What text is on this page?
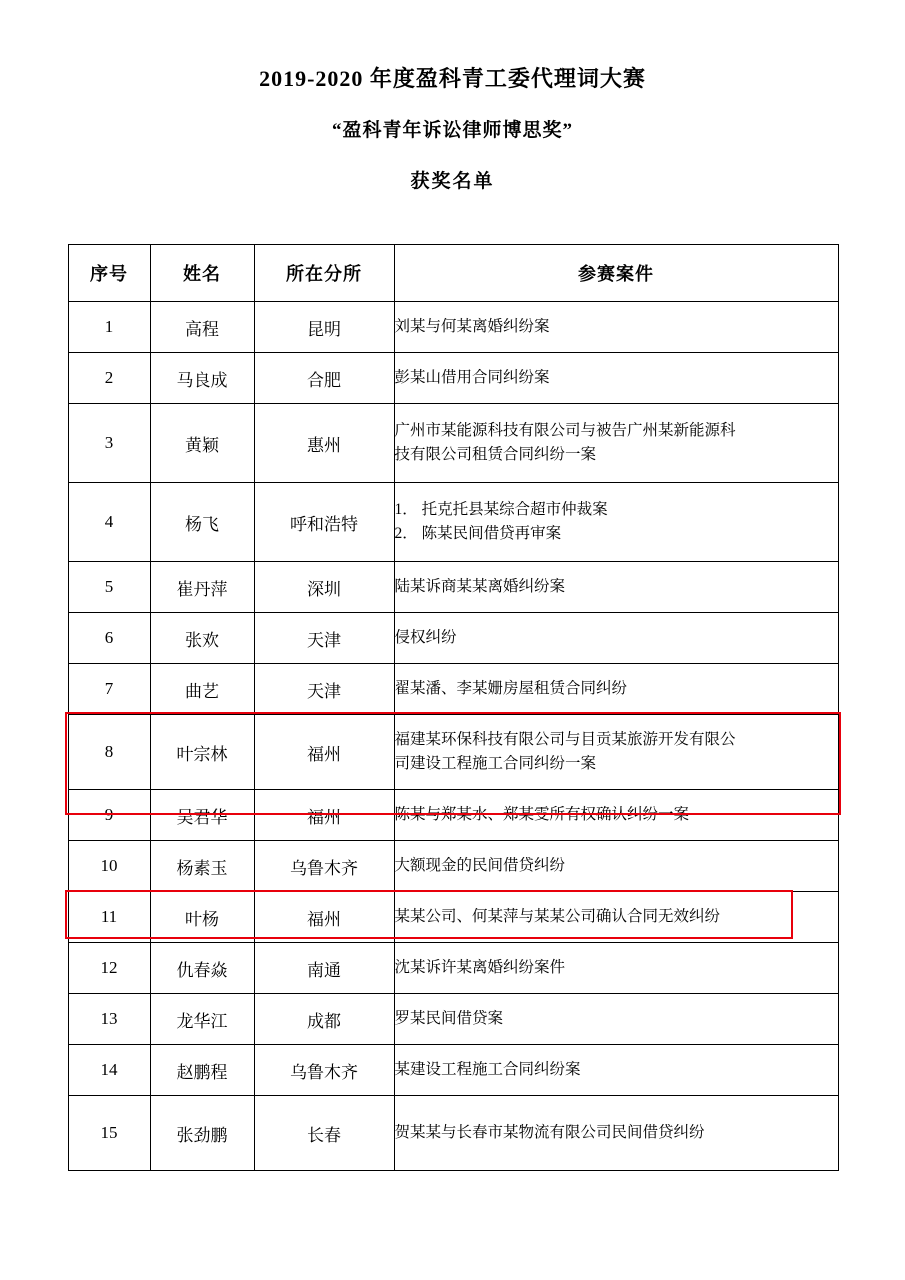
2019-2020 年度盈科青工委代理词大赛
“盈科青年诉讼律师博思奖”
获奖名单
序号	姓名	所在分所	参赛案件
1	高程	昆明	刘某与何某离婚纠纷案

2	马良成	合肥	彭某山借用合同纠纷案

3	黄颖	惠州	广州市某能源科技有限公司与被告广州某新能源科
技有限公司租赁合同纠纷一案

4	杨飞	呼和浩特	1． 托克托县某综合超市仲裁案
2． 陈某民间借贷再审案

5	崔丹萍	深圳	陆某诉商某某离婚纠纷案

6	张欢	天津	侵权纠纷

7	曲艺	天津	翟某潘、李某姗房屋租赁合同纠纷

8	叶宗林	福州	福建某环保科技有限公司与目贡某旅游开发有限公
司建设工程施工合同纠纷一案

9	吴君华	福州	陈某与郑某水、郑某雯所有权确认纠纷一案

10	杨素玉	乌鲁木齐	大额现金的民间借贷纠纷

11	叶杨	福州	某某公司、何某萍与某某公司确认合同无效纠纷

12	仇春焱	南通	沈某诉许某离婚纠纷案件

13	龙华江	成都	罗某民间借贷案

14	赵鹏程	乌鲁木齐	某建设工程施工合同纠纷案

15	张劲鹏	长春	贺某某与长春市某物流有限公司民间借贷纠纷
